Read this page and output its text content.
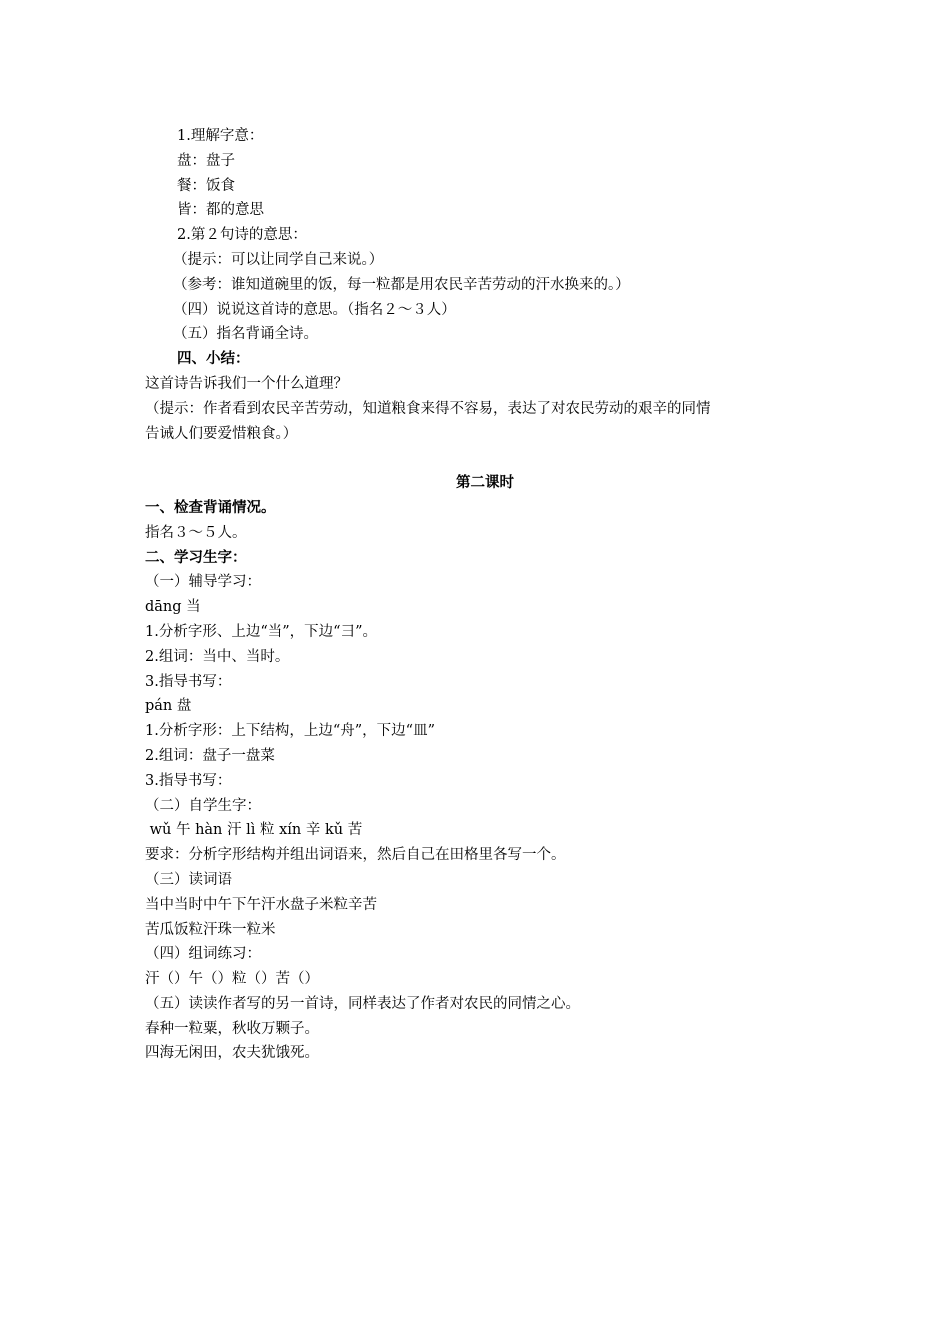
1.理解字意：
盘：盘子
餐：饭食
皆：都的意思
2.第２句诗的意思：
（提示：可以让同学自己来说。）
（参考：谁知道碗里的饭，每一粒都是用农民辛苦劳动的汗水换来的。）
（四）说说这首诗的意思。（指名２～３人）
（五）指名背诵全诗。
四、小结：
这首诗告诉我们一个什么道理？
（提示：作者看到农民辛苦劳动，知道粮食来得不容易，表达了对农民劳动的艰辛的同情
告诫人们要爱惜粮食。）
第二课时
一、检查背诵情况。
指名３～５人。
二、学习生字：
（一）辅导学习：
dāng 当
1.分析字形、上边“当”，下边“彐”。
2.组词：当中、当时。
3.指导书写：
pán 盘
1.分析字形：上下结构，上边“舟”，下边“皿”
2.组词：盘子一盘菜
3.指导书写：
（二）自学生字：
wǔ 午 hàn 汗 lì 粒 xín 辛 kǔ 苦
要求：分析字形结构并组出词语来，然后自己在田格里各写一个。
（三）读词语
当中当时中午下午汗水盘子米粒辛苦
苦瓜饭粒汗珠一粒米
（四）组词练习：
汗（）午（）粒（）苦（）
（五）读读作者写的另一首诗，同样表达了作者对农民的同情之心。
春种一粒粟，秋收万颗子。
四海无闲田，农夫犹饿死。
